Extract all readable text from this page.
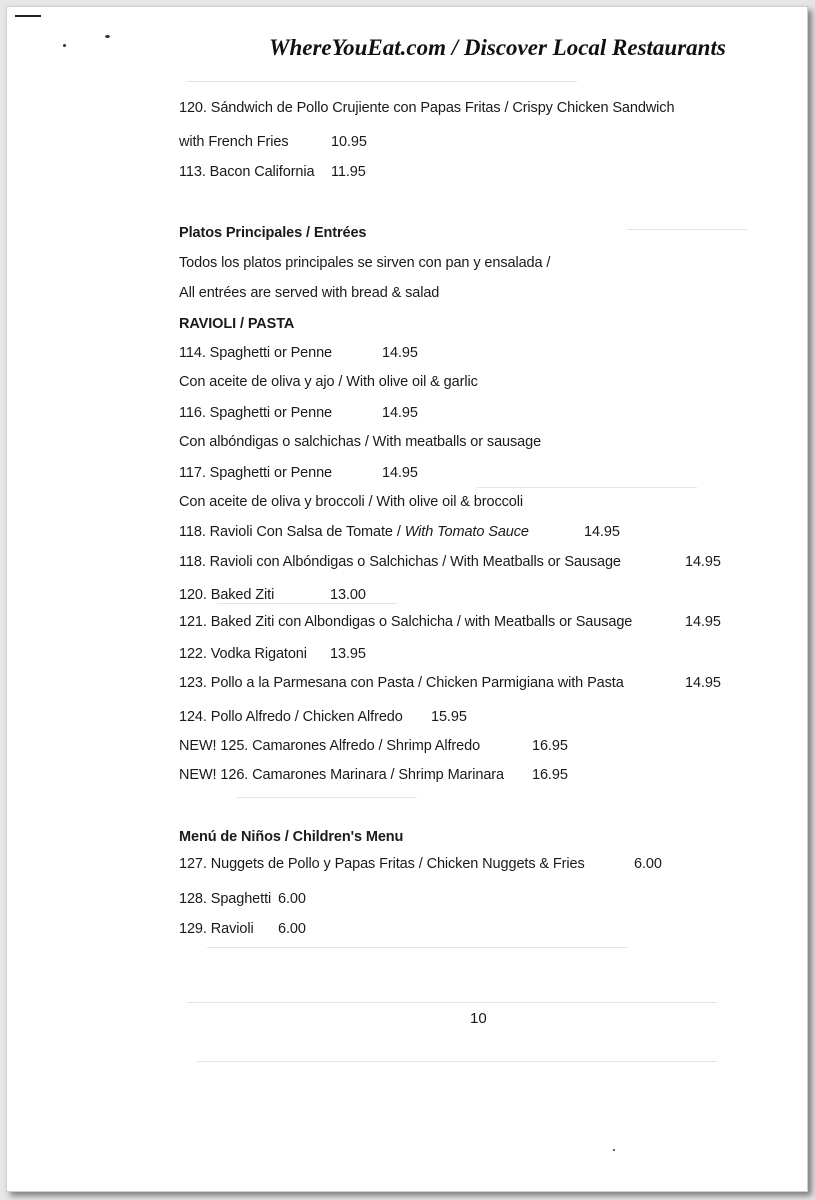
WhereYouEat.com / Discover Local Restaurants
120. Sándwich de Pollo Crujiente con Papas Fritas / Crispy Chicken Sandwich
with French Fries	10.95
113. Bacon California 11.95
Platos Principales / Entrées
Todos los platos principales se sirven con pan y ensalada /
All entrées are served with bread & salad
RAVIOLI / PASTA
114. Spaghetti or Penne	14.95
Con aceite de oliva y ajo / With olive oil & garlic
116. Spaghetti or Penne	14.95
Con albóndigas o salchichas / With meatballs or sausage
117. Spaghetti or Penne	14.95
Con aceite de oliva y broccoli / With olive oil & broccoli
118. Ravioli Con Salsa de Tomate / With Tomato Sauce	14.95
118. Ravioli con Albóndigas o Salchichas / With Meatballs or Sausage	14.95
120. Baked Ziti	13.00
121. Baked Ziti con Albondigas o Salchicha / with Meatballs or Sausage	14.95
122. Vodka Rigatoni 13.95
123. Pollo a la Parmesana con Pasta / Chicken Parmigiana with Pasta	14.95
124. Pollo Alfredo / Chicken Alfredo 15.95
NEW! 125. Camarones Alfredo / Shrimp Alfredo	16.95
NEW! 126. Camarones Marinara / Shrimp Marinara 16.95
Menú de Niños / Children's Menu
127. Nuggets de Pollo y Papas Fritas / Chicken Nuggets & Fries	6.00
128. Spaghetti 6.00
129. Ravioli 6.00
10
